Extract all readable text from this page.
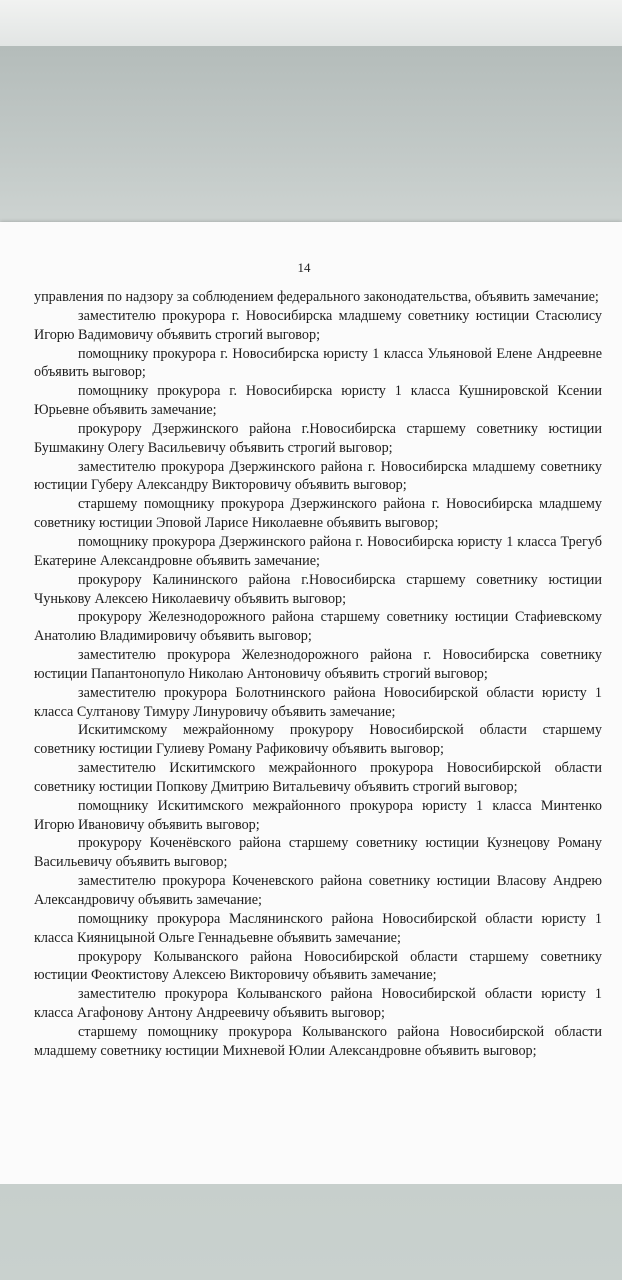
14

управления по надзору за соблюдением федерального законодательства, объявить замечание;

заместителю прокурора г. Новосибирска младшему советнику юстиции Стасюлису Игорю Вадимовичу объявить строгий выговор;

помощнику прокурора г. Новосибирска юристу 1 класса Ульяновой Елене Андреевне объявить выговор;

помощнику прокурора г. Новосибирска юристу 1 класса Кушнировской Ксении Юрьевне объявить замечание;

прокурору Дзержинского района г.Новосибирска старшему советнику юстиции Бушмакину Олегу Васильевичу объявить строгий выговор;

заместителю прокурора Дзержинского района г. Новосибирска младшему советнику юстиции Губеру Александру Викторовичу объявить выговор;

старшему помощнику прокурора Дзержинского района г. Новосибирска младшему советнику юстиции Эповой Ларисе Николаевне объявить выговор;

помощнику прокурора Дзержинского района г. Новосибирска юристу 1 класса Трегуб Екатерине Александровне объявить замечание;

прокурору Калининского района г.Новосибирска старшему советнику юстиции Чунькову Алексею Николаевичу объявить выговор;

прокурору Железнодорожного района старшему советнику юстиции Стафиевскому Анатолию Владимировичу объявить выговор;

заместителю прокурора Железнодорожного района г. Новосибирска советнику юстиции Папантонопуло Николаю Антоновичу объявить строгий выговор;

заместителю прокурора Болотнинского района Новосибирской области юристу 1 класса Султанову Тимуру Линуровичу объявить замечание;

Искитимскому межрайонному прокурору Новосибирской области старшему советнику юстиции Гулиеву Роману Рафиковичу объявить выговор;

заместителю Искитимского межрайонного прокурора Новосибирской области советнику юстиции Попкову Дмитрию Витальевичу объявить строгий выговор;

помощнику Искитимского межрайонного прокурора юристу 1 класса Минтенко Игорю Ивановичу объявить выговор;

прокурору Коченёвского района старшему советнику юстиции Кузнецову Роману Васильевичу объявить выговор;

заместителю прокурора Коченевского района советнику юстиции Власову Андрею Александровичу объявить замечание;

помощнику прокурора Маслянинского района Новосибирской области юристу 1 класса Кияницыной Ольге Геннадьевне объявить замечание;

прокурору Колыванского района Новосибирской области старшему советнику юстиции Феоктистову Алексею Викторовичу объявить замечание;

заместителю прокурора Колыванского района Новосибирской области юристу 1 класса Агафонову Антону Андреевичу объявить выговор;

старшему помощнику прокурора Колыванского района Новосибирской области младшему советнику юстиции Михневой Юлии Александровне объявить выговор;
